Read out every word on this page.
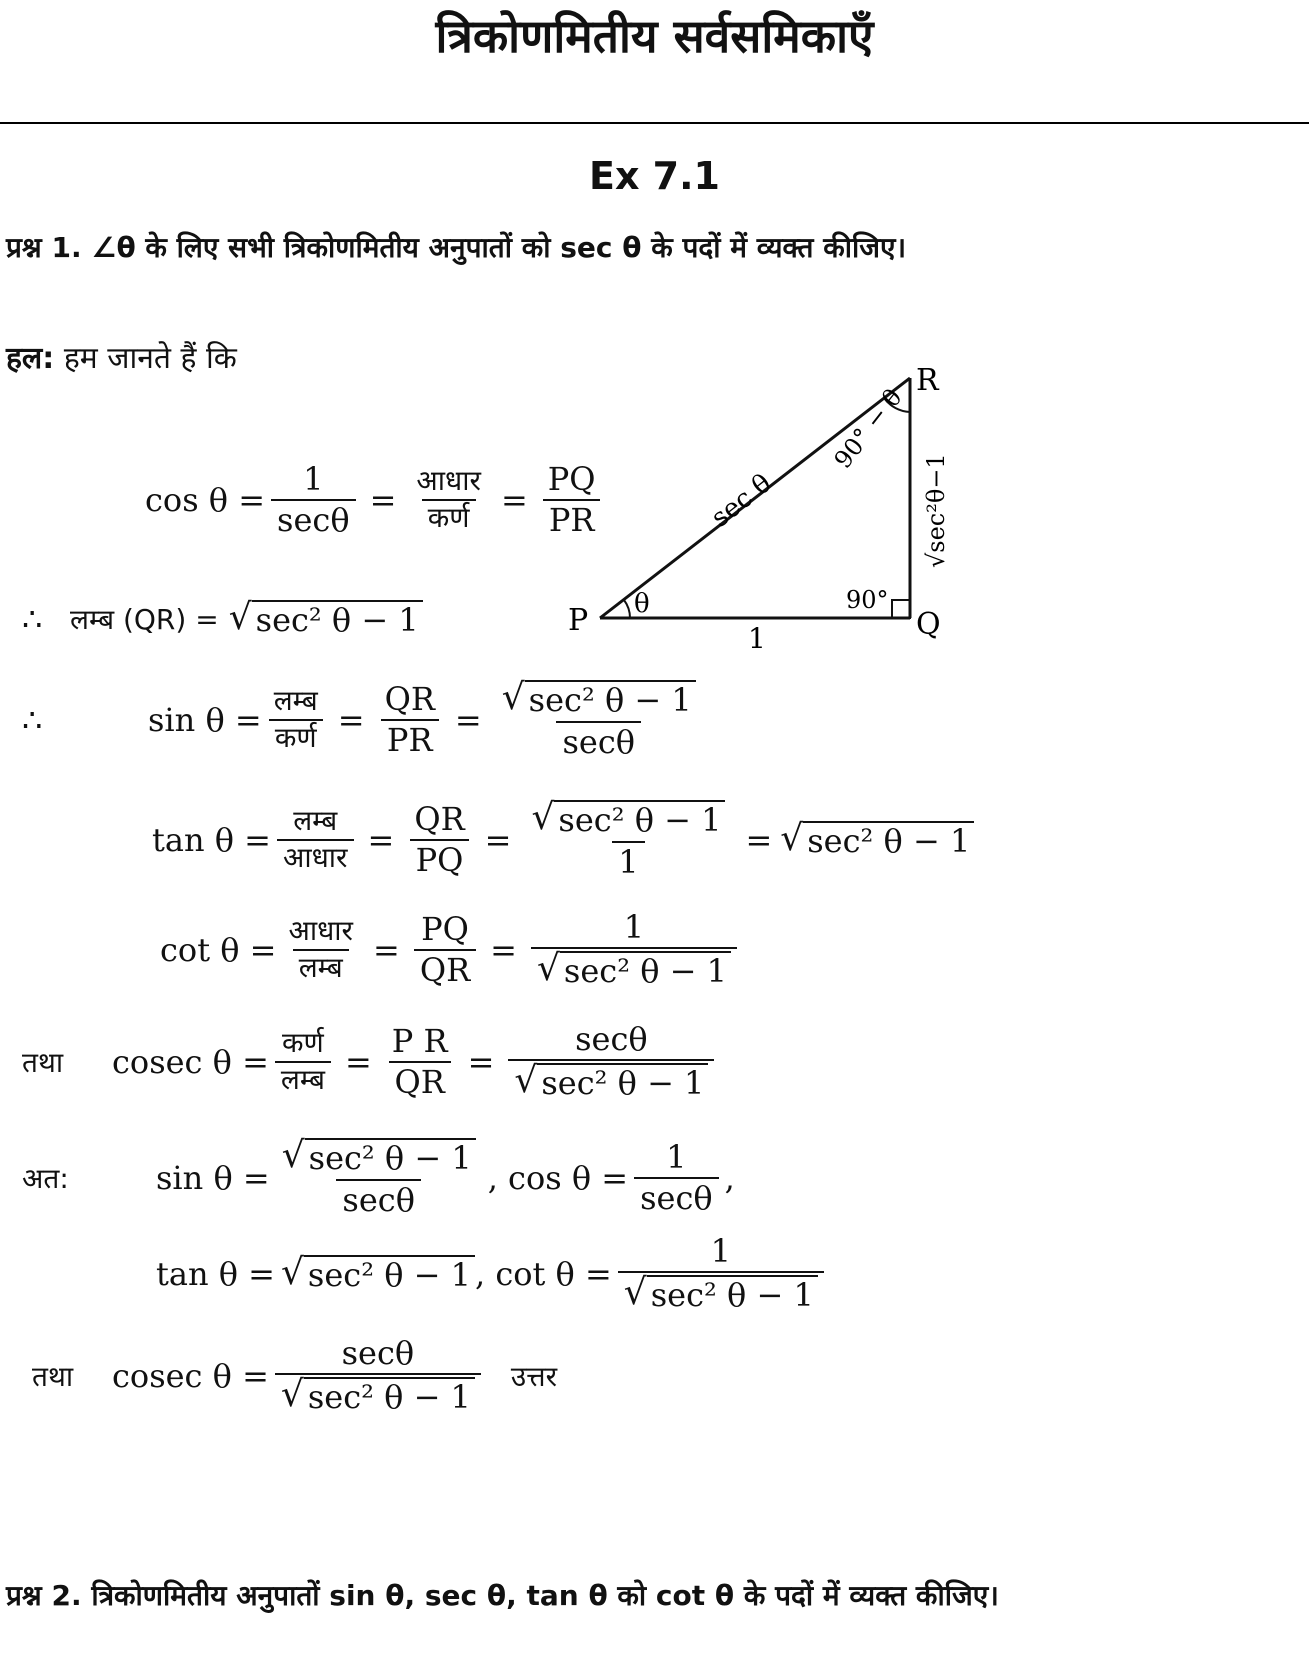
त्रिकोणमितीय सर्वसमिकाएँ
Ex 7.1

प्रश्न 1. ∠θ के लिए सभी त्रिकोणमितीय अनुपातों को sec θ के पदों में व्यक्त कीजिए।

हल: हम जानते हैं कि
$\cos \theta = \frac{1}{\sec\theta} = \frac{\text{आधार}}{\text{कर्ण}} = \frac{PQ}{PR}$
∴ लम्ब (QR) = √ sec² θ − 1	P	Q
R
θ	90°
1
sec θ
90° − θ
√sec²θ−1
∴	$\sin \theta = \frac{\text{लम्ब}}{\text{कर्ण}} = \frac{QR}{PR} = \frac{\text{√ sec² θ − 1}}{\sec\theta}$
$\tan \theta = \frac{\text{लम्ब}}{\text{आधार}} = \frac{QR}{PQ} = \frac{\text{√ sec² θ − 1}}{1}$ = √ sec² θ − 1
$\cot \theta = \frac{\text{आधार}}{\text{लम्ब}} = \frac{PQ}{QR} = \frac{1}{\text{√ sec² θ − 1}}$
तथा	cosec $\theta = \frac{\text{कर्ण}}{\text{लम्ब}} = \frac{\text{P R}}{QR} = \frac{\sec\theta}{\text{√ sec² θ − 1}}$
अत:	$\sin \theta = \frac{\text{√ sec² θ − 1}}{\sec\theta}$ , $\cos \theta = \frac{1}{\sec\theta}$ ,
tan θ = √ sec² θ − 1 , $\cot \theta = \frac{1}{\text{√ sec² θ − 1}}$
तथा	cosec $\theta = \frac{\sec\theta}{\text{√ sec² θ − 1}}$ उत्तर

प्रश्न 2. त्रिकोणमितीय अनुपातों sin θ, sec θ, tan θ को cot θ के पदों में व्यक्त कीजिए।
